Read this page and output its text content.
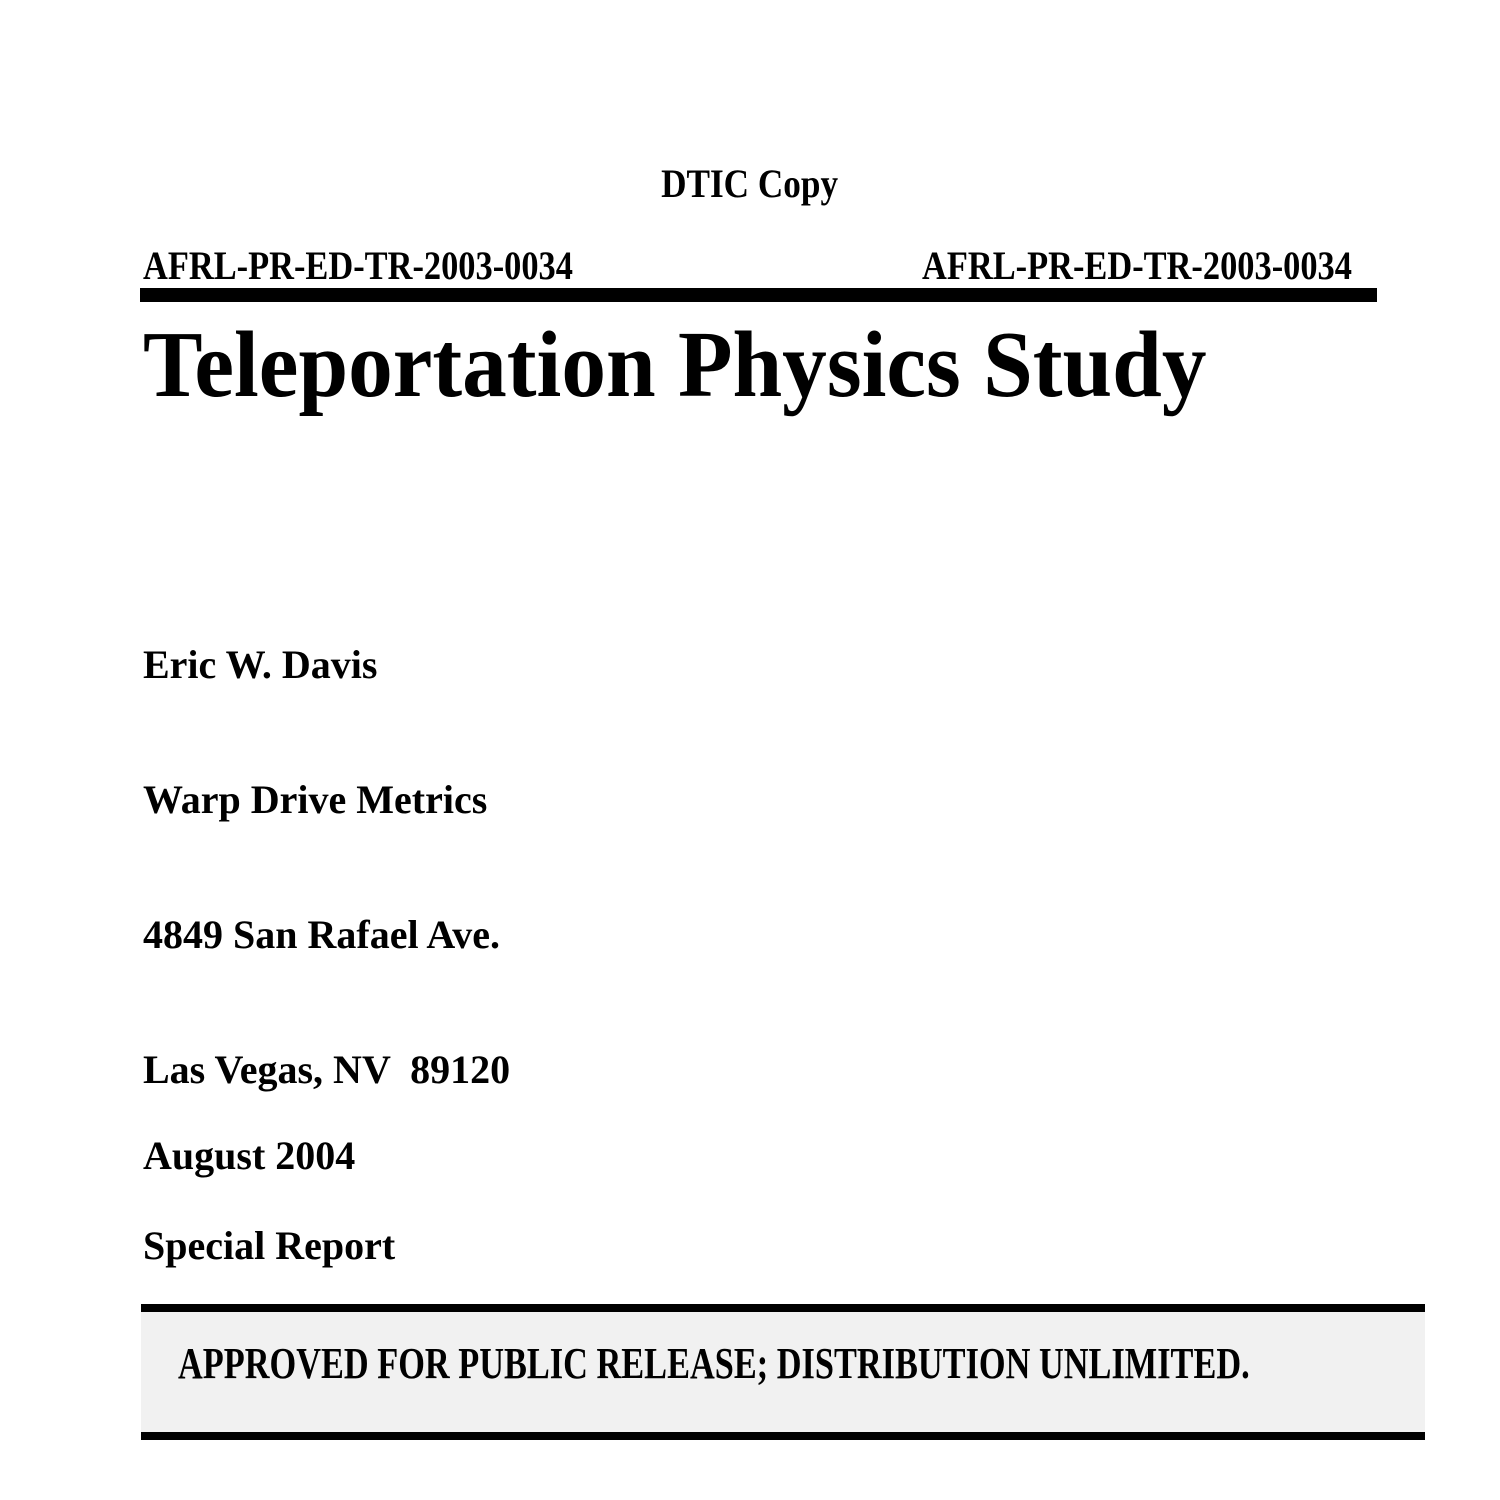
DTIC Copy
AFRL-PR-ED-TR-2003-0034	AFRL-PR-ED-TR-2003-0034
Teleportation Physics Study

Eric W. Davis

Warp Drive Metrics

4849 San Rafael Ave.

Las Vegas, NV  89120

August 2004
Special Report
APPROVED FOR PUBLIC RELEASE; DISTRIBUTION UNLIMITED.
